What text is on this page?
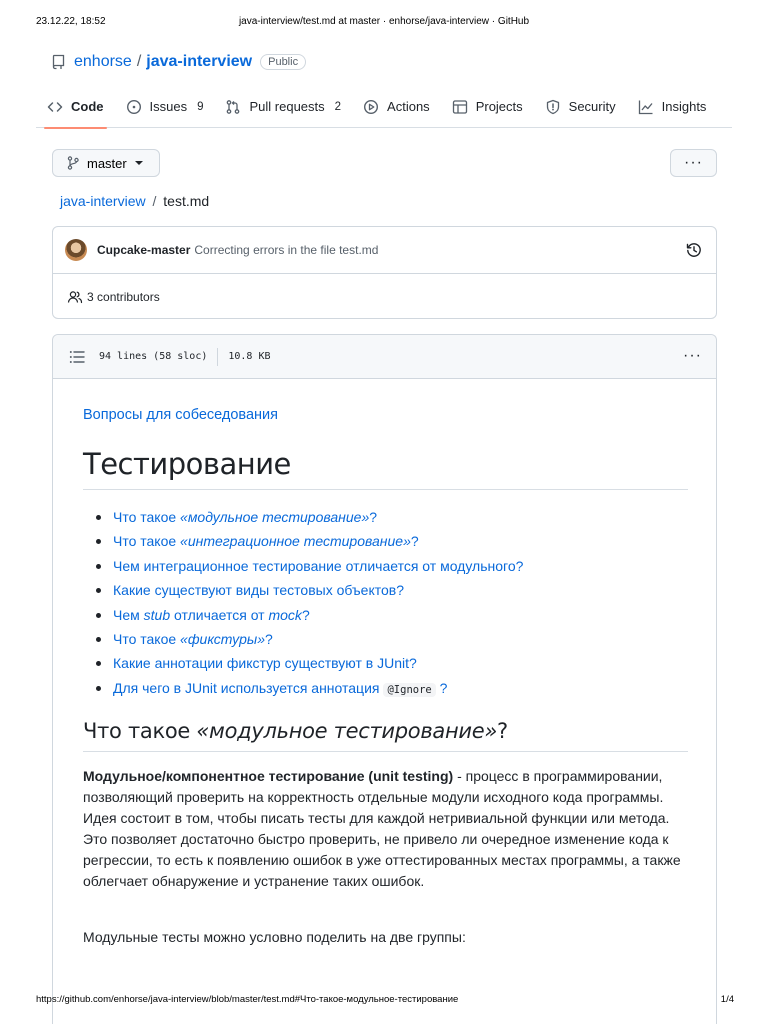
23.12.22, 18:52	java-interview/test.md at master · enhorse/java-interview · GitHub
enhorse / java-interview	Public
Code	Issues 9	Pull requests 2	Actions	Projects	Security	Insights
master	···
java-interview / test.md
Cupcake-master Correcting errors in the file test.md
3
contributors
94 lines (58 sloc) 10.8 KB	···
Вопросы для собеседования
Тестирование
Что такое «модульное тестирование»?
Что такое «интеграционное тестирование»?
Чем интеграционное тестирование отличается от модульного?
Какие существуют виды тестовых объектов?
Чем stub отличается от mock?
Что такое «фикстуры»?
Какие аннотации фикстур существуют в JUnit?
Для чего в JUnit используется аннотация @Ignore ?
Что такое «модульное тестирование»?

Модульное/компонентное тестирование (unit testing) - процесс в программировании, позволяющий проверить на корректность отдельные модули исходного кода программы. Идея состоит в том, чтобы писать тесты для каждой нетривиальной функции или метода. Это позволяет достаточно быстро проверить, не привело ли очередное изменение кода к регрессии, то есть к появлению ошибок в уже оттестированных местах программы, а также облегчает обнаружение и устранение таких ошибок.

Модульные тесты можно условно поделить на две группы:

https://github.com/enhorse/java-interview/blob/master/test.md#Что-такое-модульное-тестирование	1/4
